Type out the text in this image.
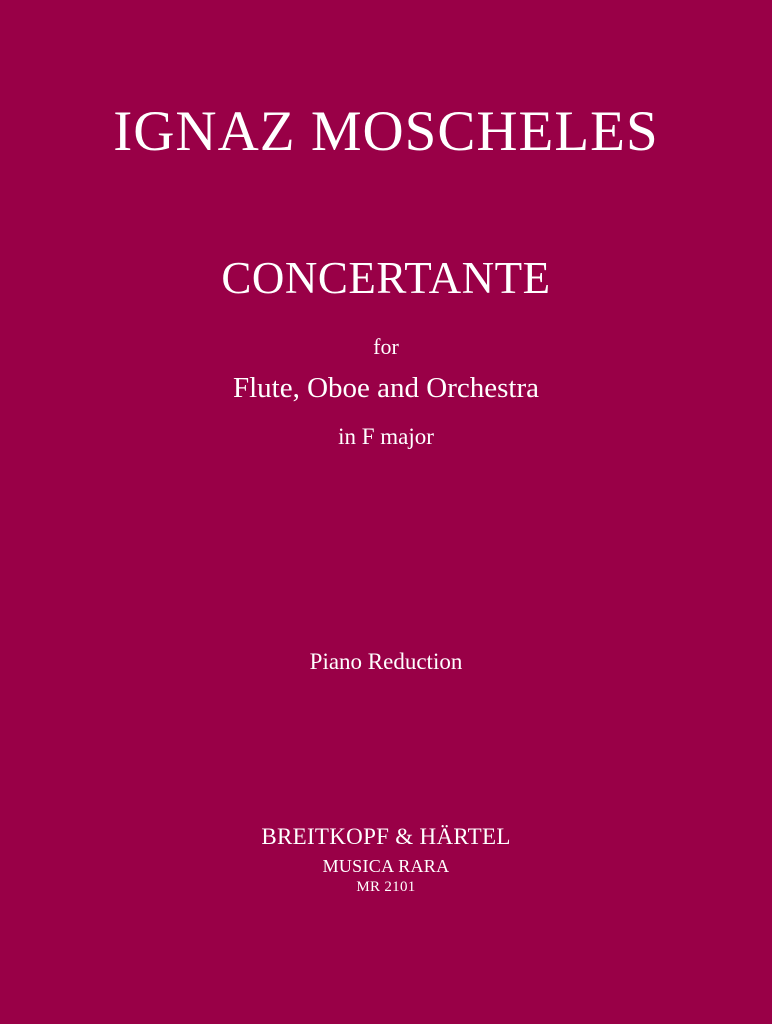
IGNAZ MOSCHELES
CONCERTANTE
for
Flute, Oboe and Orchestra
in F major
Piano Reduction
BREITKOPF & HÄRTEL
MUSICA RARA
MR 2101
